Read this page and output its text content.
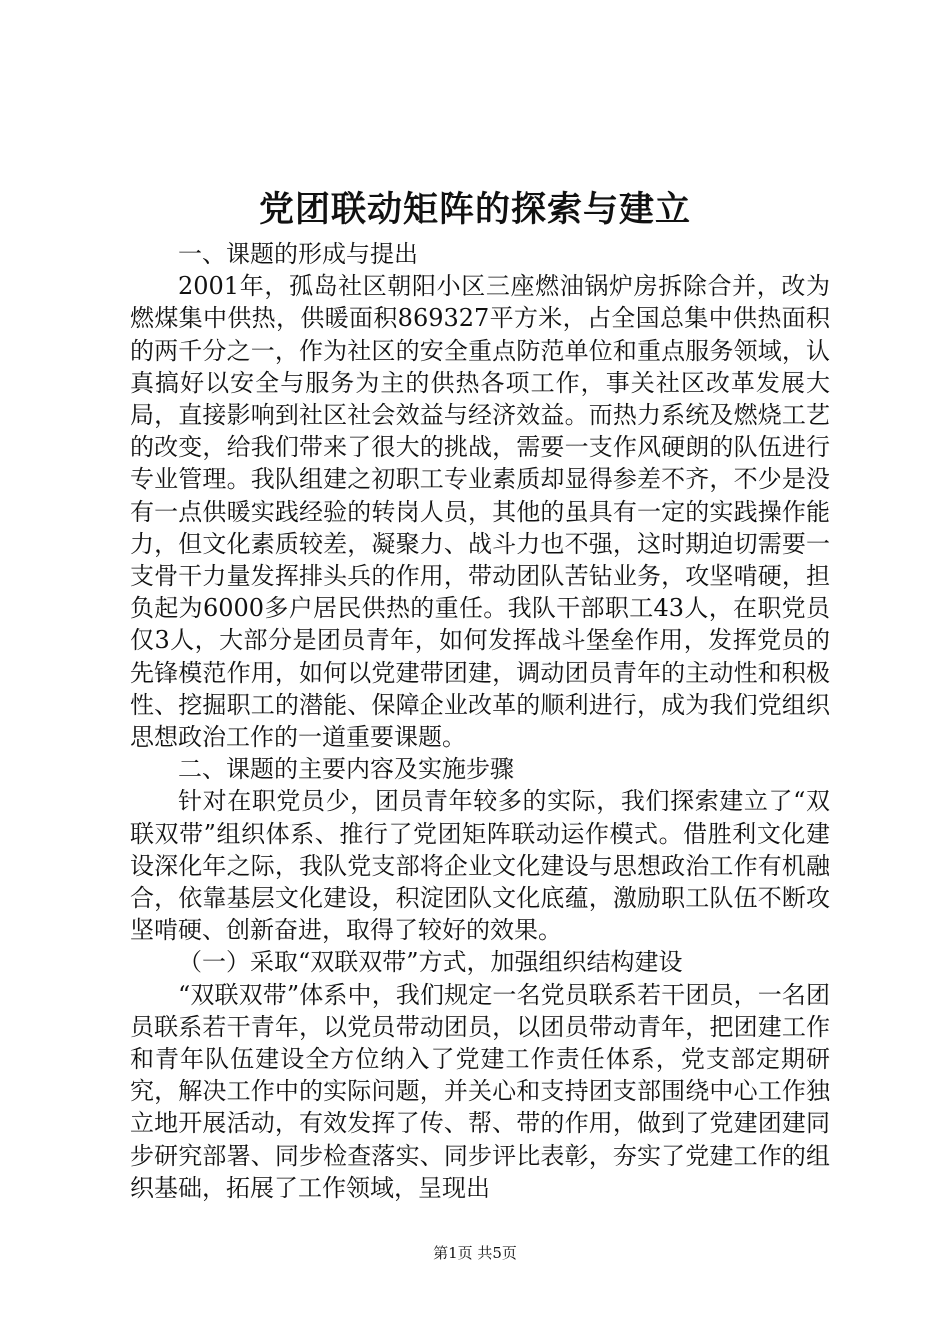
党团联动矩阵的探索与建立

一、课题的形成与提出

2001年，孤岛社区朝阳小区三座燃油锅炉房拆除合并，改为燃煤集中供热，供暖面积869327平方米，占全国总集中供热面积的两千分之一，作为社区的安全重点防范单位和重点服务领域，认真搞好以安全与服务为主的供热各项工作，事关社区改革发展大局，直接影响到社区社会效益与经济效益。而热力系统及燃烧工艺的改变，给我们带来了很大的挑战，需要一支作风硬朗的队伍进行专业管理。我队组建之初职工专业素质却显得参差不齐，不少是没有一点供暖实践经验的转岗人员，其他的虽具有一定的实践操作能力，但文化素质较差，凝聚力、战斗力也不强，这时期迫切需要一支骨干力量发挥排头兵的作用，带动团队苦钻业务，攻坚啃硬，担负起为6000多户居民供热的重任。我队干部职工43人，在职党员仅3人，大部分是团员青年，如何发挥战斗堡垒作用，发挥党员的先锋模范作用，如何以党建带团建，调动团员青年的主动性和积极性、挖掘职工的潜能、保障企业改革的顺利进行，成为我们党组织思想政治工作的一道重要课题。

二、课题的主要内容及实施步骤

针对在职党员少，团员青年较多的实际，我们探索建立了“双联双带”组织体系、推行了党团矩阵联动运作模式。借胜利文化建设深化年之际，我队党支部将企业文化建设与思想政治工作有机融合，依靠基层文化建设，积淀团队文化底蕴，激励职工队伍不断攻坚啃硬、创新奋进，取得了较好的效果。

（一）采取“双联双带”方式，加强组织结构建设

“双联双带”体系中，我们规定一名党员联系若干团员，一名团员联系若干青年，以党员带动团员，以团员带动青年，把团建工作和青年队伍建设全方位纳入了党建工作责任体系，党支部定期研究，解决工作中的实际问题，并关心和支持团支部围绕中心工作独立地开展活动，有效发挥了传、帮、带的作用，做到了党建团建同步研究部署、同步检查落实、同步评比表彰，夯实了党建工作的组织基础，拓展了工作领域，呈现出

第1页 共5页
